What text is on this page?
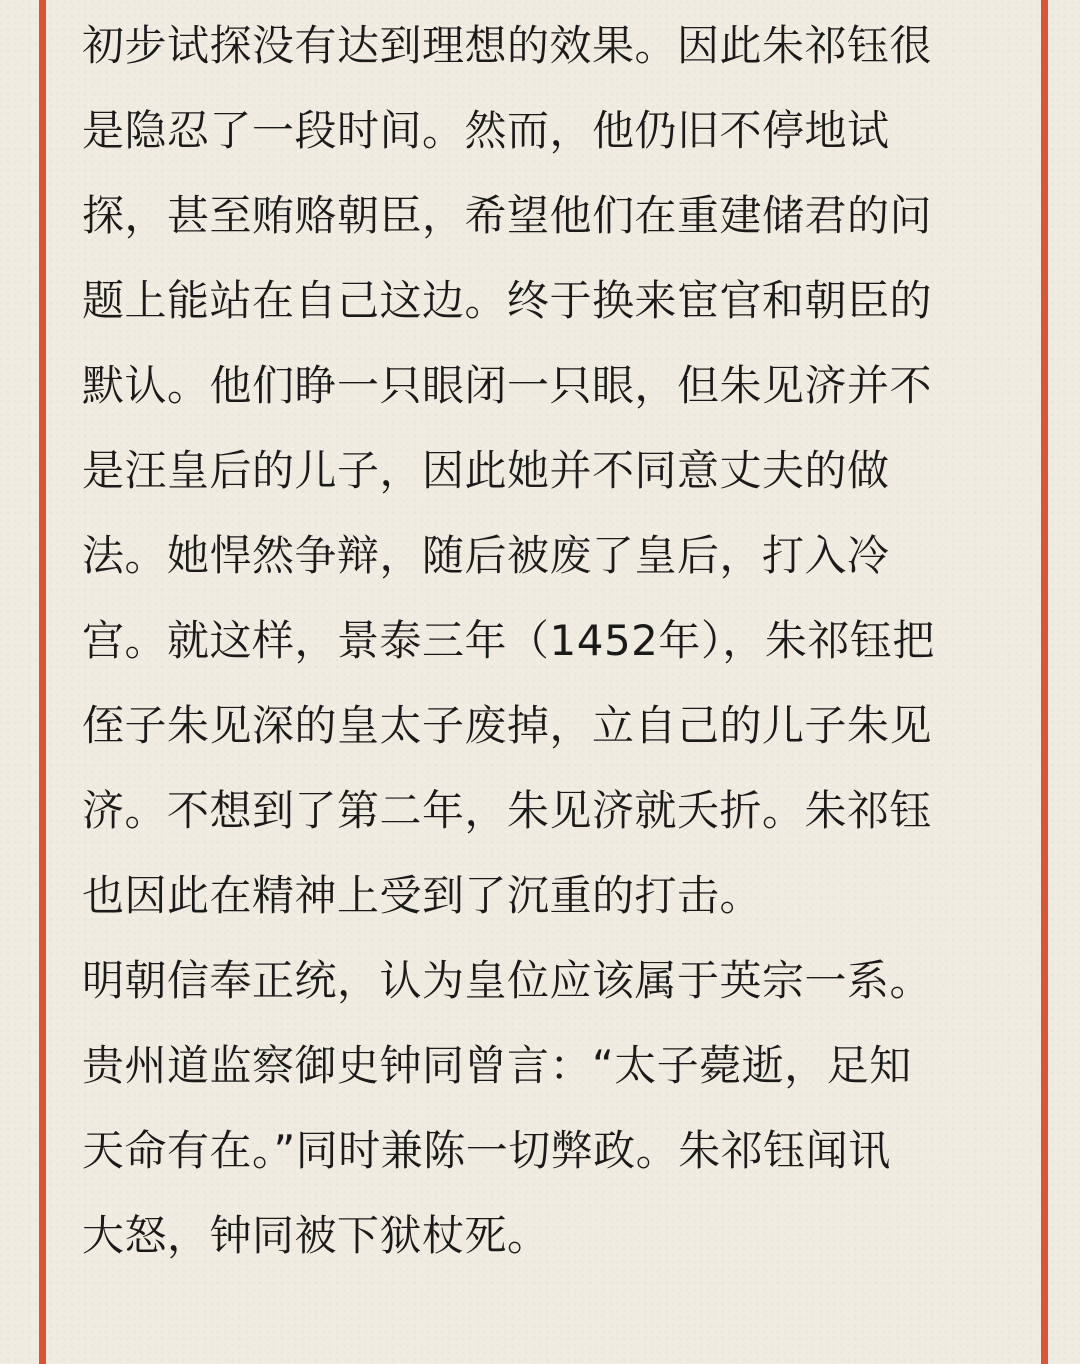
初步试探没有达到理想的效果。因此朱祁钰很
是隐忍了一段时间。然而，他仍旧不停地试
探，甚至贿赂朝臣，希望他们在重建储君的问
题上能站在自己这边。终于换来宦官和朝臣的
默认。他们睁一只眼闭一只眼，但朱见济并不
是汪皇后的儿子，因此她并不同意丈夫的做
法。她悍然争辩，随后被废了皇后，打入冷
宫。就这样，景泰三年（1452年），朱祁钰把
侄子朱见深的皇太子废掉，立自己的儿子朱见
济。不想到了第二年，朱见济就夭折。朱祁钰
也因此在精神上受到了沉重的打击。
明朝信奉正统，认为皇位应该属于英宗一系。
贵州道监察御史钟同曾言：“太子薨逝，足知
天命有在。”同时兼陈一切弊政。朱祁钰闻讯
大怒，钟同被下狱杖死。
